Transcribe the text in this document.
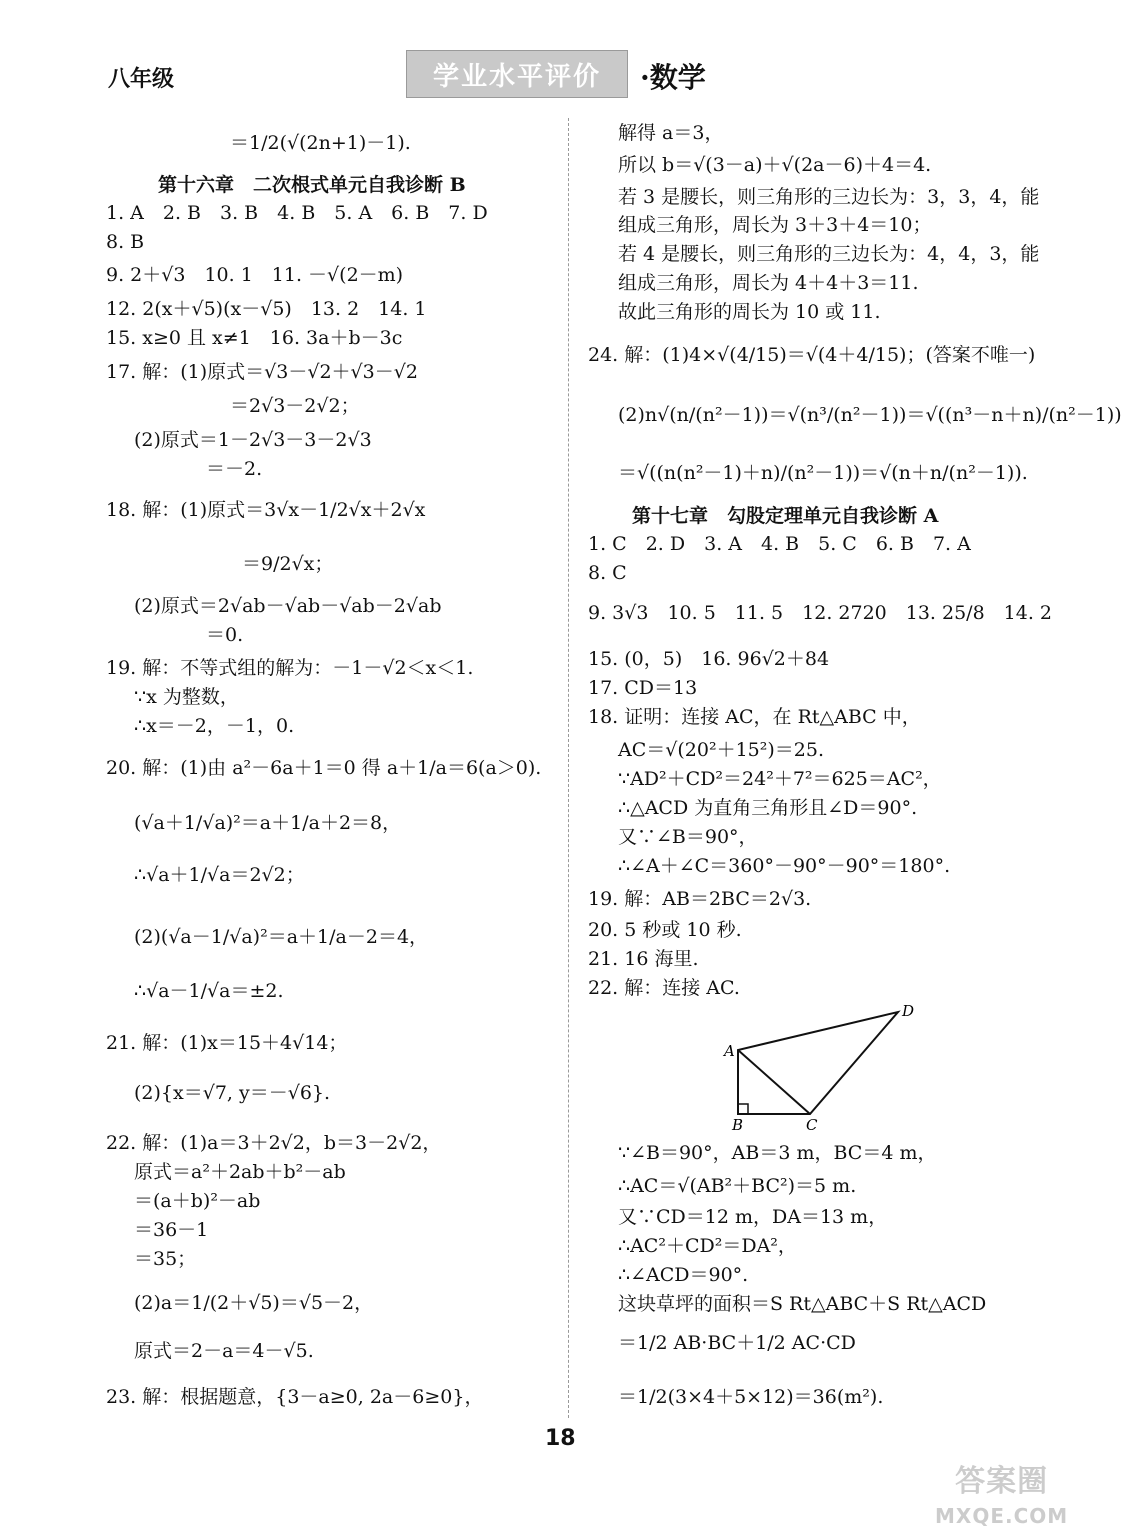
八年级	学业水平评价	·数学
＝1/2(√(2n+1)－1).
第十六章　二次根式单元自我诊断 B
1. A　2. B　3. B　4. B　5. A　6. B　7. D
8. B
9. 2＋√3　10. 1　11. －√(2－m)
12. 2(x＋√5)(x－√5)　13. 2　14. 1
15. x≥0 且 x≠1　16. 3a＋b－3c
17. 解：(1)原式＝√3－√2＋√3－√2
＝2√3－2√2；
(2)原式＝1－2√3－3－2√3
＝－2.
18. 解：(1)原式＝3√x－1/2√x＋2√x
＝9/2√x；
(2)原式＝2√ab－√ab－√ab－2√ab
＝0.
19. 解：不等式组的解为：－1－√2＜x＜1.
∵x 为整数，
∴x＝－2，－1，0.
20. 解：(1)由 a²－6a＋1＝0 得 a＋1/a＝6(a＞0).
(√a＋1/√a)²＝a＋1/a＋2＝8，
∴√a＋1/√a＝2√2；
(2)(√a－1/√a)²＝a＋1/a－2＝4，
∴√a－1/√a＝±2.
21. 解：(1)x＝15＋4√14；
(2){x＝√7, y＝－√6}.
22. 解：(1)a＝3＋2√2，b＝3－2√2，
原式＝a²＋2ab＋b²－ab
＝(a＋b)²－ab
＝36－1
＝35；
(2)a＝1/(2＋√5)＝√5－2，
原式＝2－a＝4－√5.
23. 解：根据题意，{3－a≥0, 2a－6≥0}，
解得 a＝3，
所以 b＝√(3－a)＋√(2a－6)＋4＝4.
若 3 是腰长，则三角形的三边长为：3，3，4，能
组成三角形，周长为 3＋3＋4＝10；
若 4 是腰长，则三角形的三边长为：4，4，3，能
组成三角形，周长为 4＋4＋3＝11.
故此三角形的周长为 10 或 11.
24. 解：(1)4×√(4/15)＝√(4＋4/15)；(答案不唯一)
(2)n√(n/(n²－1))＝√(n³/(n²－1))＝√((n³－n＋n)/(n²－1))
＝√((n(n²－1)＋n)/(n²－1))＝√(n＋n/(n²－1)).
第十七章　勾股定理单元自我诊断 A
1. C　2. D　3. A　4. B　5. C　6. B　7. A
8. C
9. 3√3　10. 5　11. 5　12. 2720　13. 25/8　14. 2
15. (0，5)　16. 96√2＋84
17. CD＝13
18. 证明：连接 AC，在 Rt△ABC 中，
AC＝√(20²＋15²)＝25.
∵AD²＋CD²＝24²＋7²＝625＝AC²，
∴△ACD 为直角三角形且∠D＝90°.
又∵∠B＝90°，
∴∠A＋∠C＝360°－90°－90°＝180°.
19. 解：AB＝2BC＝2√3.
20. 5 秒或 10 秒.
21. 16 海里.
22. 解：连接 AC.
A
B	C
D
∵∠B＝90°，AB＝3 m，BC＝4 m，
∴AC＝√(AB²＋BC²)＝5 m.
又∵CD＝12 m，DA＝13 m，
∴AC²＋CD²＝DA²，
∴∠ACD＝90°.
这块草坪的面积＝S Rt△ABC＋S Rt△ACD
＝1/2 AB·BC＋1/2 AC·CD
＝1/2(3×4＋5×12)＝36(m²).
18
答案圈
MXQE.COM
